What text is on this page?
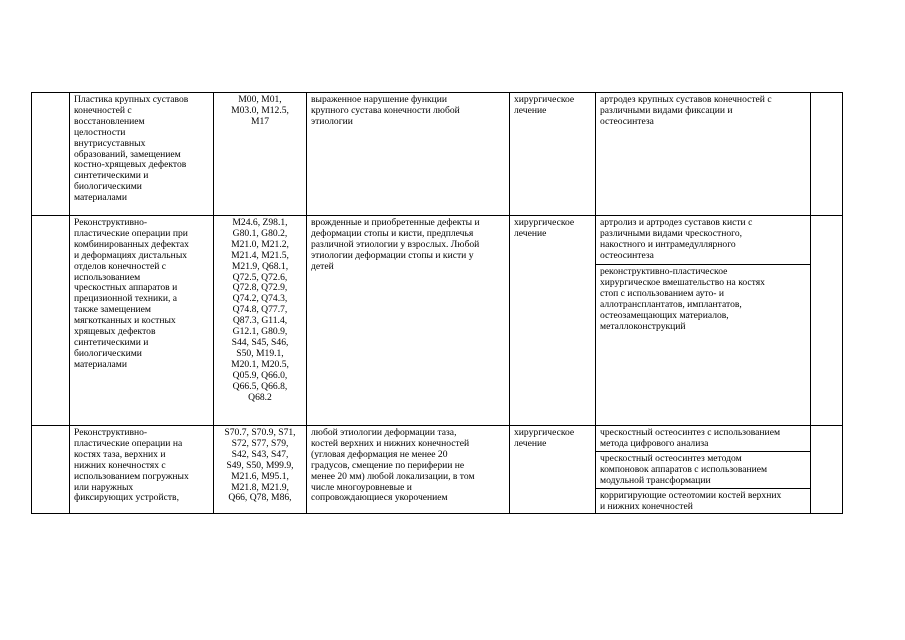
Пластика крупных суставов
конечностей с
восстановлением
целостности
внутрисуставных
образований, замещением
костно-хрящевых дефектов
синтетическими и
биологическими
материалами
M00, M01,
M03.0, M12.5,
M17
выраженное нарушение функции
крупного сустава конечности любой
этиологии
хирургическое
лечение
артродез крупных суставов конечностей с
различными видами фиксации и
остеосинтеза
Реконструктивно-
пластические операции при
комбинированных дефектах
и деформациях дистальных
отделов конечностей с
использованием
чрескостных аппаратов и
прецизионной техники, а
также замещением
мягкотканных и костных
хрящевых дефектов
синтетическими и
биологическими
материалами
M24.6, Z98.1,
G80.1, G80.2,
M21.0, M21.2,
M21.4, M21.5,
M21.9, Q68.1,
Q72.5, Q72.6,
Q72.8, Q72.9,
Q74.2, Q74.3,
Q74.8, Q77.7,
Q87.3, G11.4,
G12.1, G80.9,
S44, S45, S46,
S50, M19.1,
M20.1, M20.5,
Q05.9, Q66.0,
Q66.5, Q66.8,
Q68.2
врожденные и приобретенные дефекты и
деформации стопы и кисти, предплечья
различной этиологии у взрослых. Любой
этиологии деформации стопы и кисти у
детей
хирургическое
лечение
артролиз и артродез суставов кисти с
различными видами чрескостного,
накостного и интрамедуллярного
остеосинтеза
реконструктивно-пластическое
хирургическое вмешательство на костях
стоп с использованием ауто- и
аллотрансплантатов, имплантатов,
остеозамещающих материалов,
металлоконструкций
Реконструктивно-
пластические операции на
костях таза, верхних и
нижних конечностях с
использованием погружных
или наружных
фиксирующих устройств,
S70.7, S70.9, S71,
S72, S77, S79,
S42, S43, S47,
S49, S50, M99.9,
M21.6, M95.1,
M21.8, M21.9,
Q66, Q78, M86,
любой этиологии деформации таза,
костей верхних и нижних конечностей
(угловая деформация не менее 20
градусов, смещение по периферии не
менее 20 мм) любой локализации, в том
числе многоуровневые и
сопровождающиеся укорочением
хирургическое
лечение
чрескостный остеосинтез с использованием
метода цифрового анализа
чрескостный остеосинтез методом
компоновок аппаратов с использованием
модульной трансформации
корригирующие остеотомии костей верхних
и нижних конечностей
